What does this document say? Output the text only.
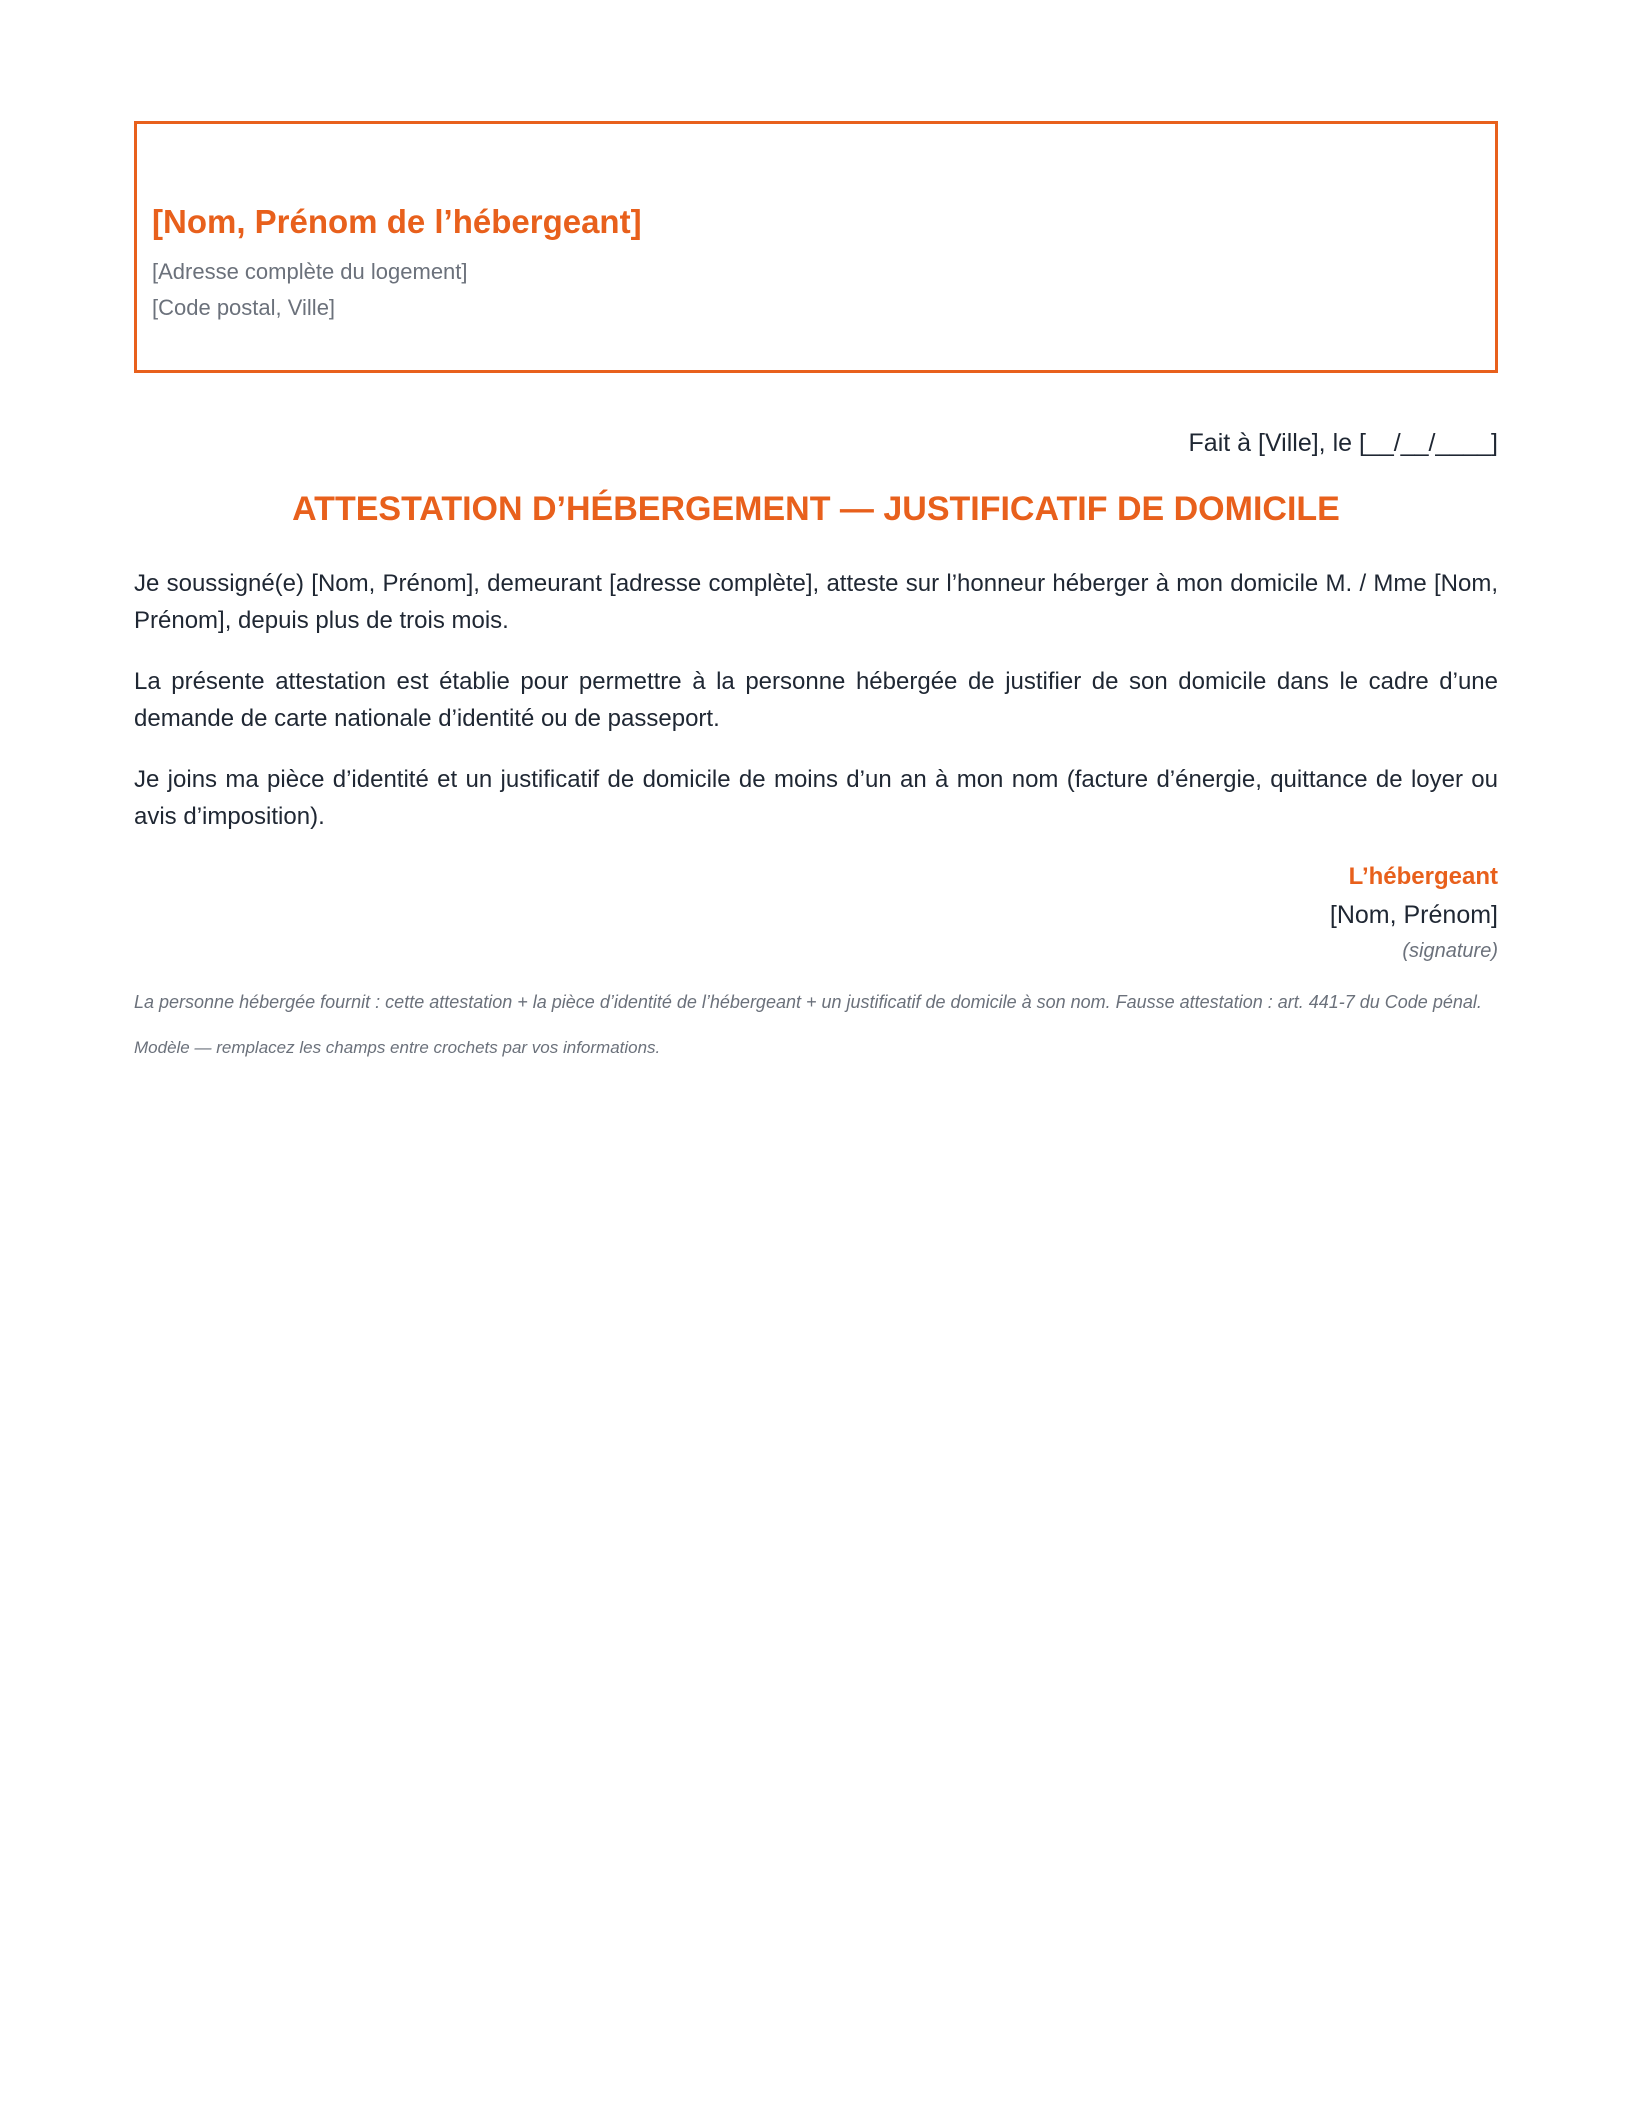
[Nom, Prénom de l’hébergeant]
[Adresse complète du logement]
[Code postal, Ville]
Fait à [Ville], le [__/__/____]
ATTESTATION D’HÉBERGEMENT — JUSTIFICATIF DE DOMICILE

Je soussigné(e) [Nom, Prénom], demeurant [adresse complète], atteste sur l’honneur héberger à mon domicile M. / Mme [Nom, Prénom], depuis plus de trois mois.

La présente attestation est établie pour permettre à la personne hébergée de justifier de son domicile dans le cadre d’une demande de carte nationale d’identité ou de passeport.

Je joins ma pièce d’identité et un justificatif de domicile de moins d’un an à mon nom (facture d’énergie, quittance de loyer ou avis d’imposition).

L’hébergeant
[Nom, Prénom]
(signature)
La personne hébergée fournit : cette attestation + la pièce d’identité de l’hébergeant + un justificatif de domicile à son nom. Fausse attestation : art. 441-7 du Code pénal.
Modèle — remplacez les champs entre crochets par vos informations.
